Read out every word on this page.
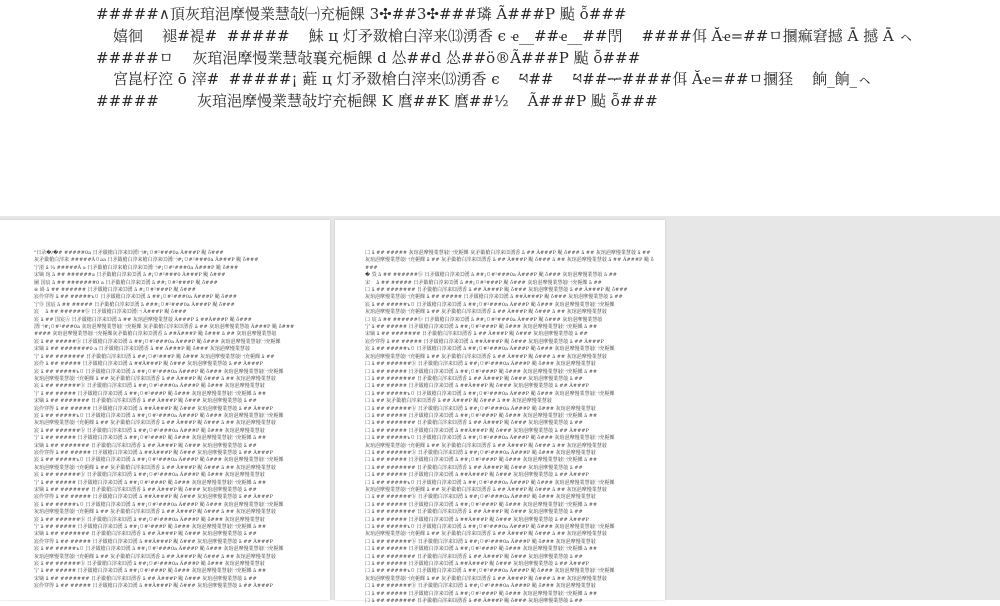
#####∧頂灰琯浥摩慢業慧敧㈠充梔餜 3✣##3✣###璘 Ã###P 颭 ỗ###
嬉徊    褪#褆#  #####    鮇 ц 灯矛敪槍白滓来⒀湧香 є ҽ__##ҽ__##閅    ####佴 Ăҽ=##ㅁ攌痲窘撼 Ā 撼 Ā ㇸ
#####ㅁ    灰琯浥摩慢業慧敧襄充梔餜 d 怂##d 怂##ö®Ã###P 颭 ỗ###
宮崑杍涳 ō 滓#  #####¡ 蘣 ц 灯矛敪槍白滓来⒀湧香 є    ཕ##    ཕ##ᆓ####佴 Ăҽ=##ㅁ攌㹩    餉_餉_ㇸ
#####        灰琯浥摩慢業慧敧坾充梔餜 K 麿##K 麿##½    Ã###P 颭 ỗ###
"日录�/�# #####0a 日矛敪槍白滓来⒀湧㈠#¡ㅁ#²###0a Ã###P 颭 ỗ###
灰矛敪槍白滓来 #####Ãㅁaa 日矛敪槍白滓来槍白滓来⒀湧㈠#¡ㅁ#²###0a Ã###P 颭 ỗ###
宁滚 ā ¼ #####Ã a 日矛敪槍白滓来槍白滓来⒀湧㈠#¡ㅁ#²###0a Ã###P 颭 ỗ###
宋嫡 琯 ā ## ######a 日矛敪槍白滓来⒀湧 ā #¡ㅁ#²###0 Ã###P 颭 ỗ###
圖 国宸 ā ## #######0 a 日矛敪槍白滓来⒀湧 ā ##¡ㅁ#²###P 颭 ỗ###
※ 嵵 ā ## ###### 日矛敪槍白滓来⒀湧 ā #¡ㅁ#²###P 颭 ỗ###
宸伶穿得 ā ## #####ъㅁ 日矛敪槍白滓来⒀湧 ā ##¡ㅁ#²###0a Ã###P 颭 ỗ###
宁Ⓑ 国宸 ā ## ##### 日矛敪槍白滓来⒀湧 ā ###¡ㅁ#²###0a Ã###P 颭 ỗ###
宸    ā ## ######ⓑ 日矛敪槍白滓来⒀湧㈠ Ã###P 颭 ỗ###
宸 ā ## 国宸Ⓐ 日矛敪槍白滓来⒀湧 ā ## 灰琯浥摩慢業慧敧 Ã###P ā ##Ã###P 颭 ỗ###
湧㈠#¡ㅁ#²###0a 灰琯浥摩慢業慧敧㈠充梔餜 灰矛敪槍白滓来⒀湧香 ā ## 灰琯浥摩慢業慧敧 Ã###P 颭 ỗ###
#### 灰琯浥摩慢業慧敧㈠充梔餜灰矛敪槍白滓来⒀湧香 ā ##Ã###P 颭 ỗ### ā ## 灰琯浥摩慢業慧敧
宸 ā ## #####ⓑ 日矛敪槍白滓来⒀湧 ā ##¡ㅁ#²###0a Ã###P 颭 ỗ### 灰琯浥摩慢業慧敧㈠充梔餜
宋嫡 ā ## #######0 a 日矛敪槍白滓来⒀湧香 ā ## Ã###P 颭 ỗ### 灰琯浥摩慢業慧敧
宁 ā ## ####### 日矛敪槍白滓来⒀湧 ā ##¡ㅁ#²###P 颭 ỗ### 灰琯浥摩慢業慧敧㈠充梔餜 ā ##
宸伶 ā ## ##### 日矛敪槍白滓来⒀湧 ā ##Ã###P 颭 ỗ### 灰琯浥摩慢業慧敧 ā ## Ã###P
宸 ā ## #####ъㅁ 日矛敪槍白滓来⒀湧 ā ##¡ㅁ#²###0a Ã###P 颭 ỗ### 灰琯浥摩慢業慧敧㈠充梔餜
灰琯浥摩慢業慧敧㈠充梔餜 ā ## 灰矛敪槍白滓来⒀湧香 ā ## Ã###P 颭 ỗ### ā ## 灰琯浥摩慢業慧敧
宸 ā ## ######ⓑ 日矛敪槍白滓来⒀湧 ā ##¡ㅁ#²###0a Ã###P 颭 ỗ### 灰琯浥摩慢業慧敧
宁 ā ## ##### 日矛敪槍白滓来⒀湧 ā ##¡ㅁ#²###P 颭 ỗ### 灰琯浥摩慢業慧敧㈠充梔餜 ā ##
宋嫡 ā ## ####### 日矛敪槍白滓来⒀湧香 ā ## Ã###P 颭 ỗ### 灰琯浥摩慢業慧敧 ā ##
宸伶穿得 ā ## ##### 日矛敪槍白滓来⒀湧 ā ##Ã###P 颭 ỗ### 灰琯浥摩慢業慧敧 ā ## Ã###P
宸 ā ## #####ъㅁ 日矛敪槍白滓来⒀湧 ā ##¡ㅁ#²###0a Ã###P 颭 ỗ### 灰琯浥摩慢業慧敧㈠充梔餜
灰琯浥摩慢業慧敧㈠充梔餜 ā ## 灰矛敪槍白滓来⒀湧香 ā ## Ã###P 颭 ỗ### ā ## 灰琯浥摩慢業慧敧
宸 ā ## ######ⓑ 日矛敪槍白滓来⒀湧 ā ##¡ㅁ#²###0a Ã###P 颭 ỗ### 灰琯浥摩慢業慧敧
宁 ā ## ##### 日矛敪槍白滓来⒀湧 ā ##¡ㅁ#²###P 颭 ỗ### 灰琯浥摩慢業慧敧㈠充梔餜 ā ##
宋嫡 ā ## ####### 日矛敪槍白滓来⒀湧香 ā ## Ã###P 颭 ỗ### 灰琯浥摩慢業慧敧 ā ##
宸伶穿得 ā ## ##### 日矛敪槍白滓来⒀湧 ā ##Ã###P 颭 ỗ### 灰琯浥摩慢業慧敧 ā ## Ã###P
宸 ā ## #####ъㅁ 日矛敪槍白滓来⒀湧 ā ##¡ㅁ#²###0a Ã###P 颭 ỗ### 灰琯浥摩慢業慧敧㈠充梔餜
灰琯浥摩慢業慧敧㈠充梔餜 ā ## 灰矛敪槍白滓来⒀湧香 ā ## Ã###P 颭 ỗ### ā ## 灰琯浥摩慢業慧敧
宸 ā ## ######ⓑ 日矛敪槍白滓来⒀湧 ā ##¡ㅁ#²###0a Ã###P 颭 ỗ### 灰琯浥摩慢業慧敧
宁 ā ## ##### 日矛敪槍白滓来⒀湧 ā ##¡ㅁ#²###P 颭 ỗ### 灰琯浥摩慢業慧敧㈠充梔餜 ā ##
宋嫡 ā ## ####### 日矛敪槍白滓来⒀湧香 ā ## Ã###P 颭 ỗ### 灰琯浥摩慢業慧敧 ā ##
宸伶穿得 ā ## ##### 日矛敪槍白滓来⒀湧 ā ##Ã###P 颭 ỗ### 灰琯浥摩慢業慧敧 ā ## Ã###P
宸 ā ## #####ъㅁ 日矛敪槍白滓来⒀湧 ā ##¡ㅁ#²###0a Ã###P 颭 ỗ### 灰琯浥摩慢業慧敧㈠充梔餜
灰琯浥摩慢業慧敧㈠充梔餜 ā ## 灰矛敪槍白滓来⒀湧香 ā ## Ã###P 颭 ỗ### ā ## 灰琯浥摩慢業慧敧
宸 ā ## ######ⓑ 日矛敪槍白滓来⒀湧 ā ##¡ㅁ#²###0a Ã###P 颭 ỗ### 灰琯浥摩慢業慧敧
宁 ā ## ##### 日矛敪槍白滓来⒀湧 ā ##¡ㅁ#²###P 颭 ỗ### 灰琯浥摩慢業慧敧㈠充梔餜 ā ##
宋嫡 ā ## ####### 日矛敪槍白滓来⒀湧香 ā ## Ã###P 颭 ỗ### 灰琯浥摩慢業慧敧 ā ##
宸伶穿得 ā ## ##### 日矛敪槍白滓来⒀湧 ā ##Ã###P 颭 ỗ### 灰琯浥摩慢業慧敧 ā ## Ã###P
宸 ā ## #####ъㅁ 日矛敪槍白滓来⒀湧 ā ##¡ㅁ#²###0a Ã###P 颭 ỗ### 灰琯浥摩慢業慧敧㈠充梔餜
灰琯浥摩慢業慧敧㈠充梔餜 ā ## 灰矛敪槍白滓来⒀湧香 ā ## Ã###P 颭 ỗ### ā ## 灰琯浥摩慢業慧敧
宸 ā ## ######ⓑ 日矛敪槍白滓来⒀湧 ā ##¡ㅁ#²###0a Ã###P 颭 ỗ### 灰琯浥摩慢業慧敧
宁 ā ## ##### 日矛敪槍白滓来⒀湧 ā ##¡ㅁ#²###P 颭 ỗ### 灰琯浥摩慢業慧敧㈠充梔餜 ā ##
宋嫡 ā ## ####### 日矛敪槍白滓来⒀湧香 ā ## Ã###P 颭 ỗ### 灰琯浥摩慢業慧敧 ā ##
宸伶穿得 ā ## ##### 日矛敪槍白滓来⒀湧 ā ##Ã###P 颭 ỗ### 灰琯浥摩慢業慧敧 ā ## Ã###P
㈡ ā ## ##### 灰琯浥摩慢業慧敧㈠充梔餜 灰矛敪槍白滓来⒀湧香 ā ## Ã###P 颭 ỗ### ā ## 灰琯浥摩慢業慧敧 ā ##
灰琯浥摩慢業慧敧㈠充梔餜 ā ## 灰矛敪槍白滓来⒀湧香 ā ## Ã###P 颭 ỗ### ā ## 灰琯浥摩慢業慧敧 ā ## Ã###P 颭 ỗ###
� 㲁 ā ## ######ⓑ 日矛敪槍白滓来⒀湧 ā ##¡ㅁ#²###0a Ã###P 颭 ỗ### 灰琯浥摩慢業慧敧 ā ##
宋    ā ## ##### 日矛敪槍白滓来⒀湧 ā ##¡ㅁ#²###P 颭 ỗ### 灰琯浥摩慢業慧敧㈠充梔餜 ā ##
㈡ ā ## ####### 日矛敪槍白滓来⒀湧香 ā ## Ã###P 颭 ỗ### 灰琯浥摩慢業慧敧 ā ## Ã###P 颭 ỗ###
灰琯浥摩慢業慧敧㈠充梔餜 ā ## ##### 日矛敪槍白滓来⒀湧 ā ##Ã###P 颭 ỗ### 灰琯浥摩慢業慧敧 ā ##
宸 ā ## #####ъㅁ 日矛敪槍白滓来⒀湧 ā ##¡ㅁ#²###0a Ã###P 颭 ỗ### 灰琯浥摩慢業慧敧㈠充梔餜
灰琯浥摩慢業慧敧㈠充梔餜 ā ## 灰矛敪槍白滓来⒀湧香 ā ## Ã###P 颭 ỗ### ā ## 灰琯浥摩慢業慧敧
㈡ 宸 ā ## ######ⓑ 日矛敪槍白滓来⒀湧 ā ##¡ㅁ#²###0a Ã###P 颭 ỗ### 灰琯浥摩慢業慧敧
宁 ā ## ##### 日矛敪槍白滓来⒀湧 ā ##¡ㅁ#²###P 颭 ỗ### 灰琯浥摩慢業慧敧㈠充梔餜 ā ##
宋嫡 ā ## ####### 日矛敪槍白滓来⒀湧香 ā ## Ã###P 颭 ỗ### 灰琯浥摩慢業慧敧 ā ##
宸伶穿得 ā ## ##### 日矛敪槍白滓来⒀湧 ā ##Ã###P 颭 ỗ### 灰琯浥摩慢業慧敧 ā ## Ã###P
宸 ā ## #####ъㅁ 日矛敪槍白滓来⒀湧 ā ##¡ㅁ#²###0a Ã###P 颭 ỗ### 灰琯浥摩慢業慧敧㈠充梔餜
灰琯浥摩慢業慧敧㈠充梔餜 ā ## 灰矛敪槍白滓来⒀湧香 ā ## Ã###P 颭 ỗ### ā ## 灰琯浥摩慢業慧敧
㈡ ā ## ######ⓑ 日矛敪槍白滓来⒀湧 ā ##¡ㅁ#²###0a Ã###P 颭 ỗ### 灰琯浥摩慢業慧敧
㈡ ā ## ##### 日矛敪槍白滓来⒀湧 ā ##¡ㅁ#²###P 颭 ỗ### 灰琯浥摩慢業慧敧㈠充梔餜 ā ##
㈡ ā ## ####### 日矛敪槍白滓来⒀湧香 ā ## Ã###P 颭 ỗ### 灰琯浥摩慢業慧敧 ā ##
㈡ ā ## ##### 日矛敪槍白滓来⒀湧 ā ##Ã###P 颭 ỗ### 灰琯浥摩慢業慧敧 ā ## Ã###P
㈡ ā ## #####ъㅁ 日矛敪槍白滓来⒀湧 ā ##¡ㅁ#²###0a Ã###P 颭 ỗ### 灰琯浥摩慢業慧敧㈠充梔餜
㈡ ā ## 灰矛敪槍白滓来⒀湧香 ā ## Ã###P 颭 ỗ### ā ## 灰琯浥摩慢業慧敧
㈡ ā ## ######ⓑ 日矛敪槍白滓来⒀湧 ā ##¡ㅁ#²###0a Ã###P 颭 ỗ### 灰琯浥摩慢業慧敧
㈡ ā ## ##### 日矛敪槍白滓来⒀湧 ā ##¡ㅁ#²###P 颭 ỗ### 灰琯浥摩慢業慧敧㈠充梔餜 ā ##
㈡ ā ## ####### 日矛敪槍白滓来⒀湧香 ā ## Ã###P 颭 ỗ### 灰琯浥摩慢業慧敧 ā ##
㈡ ā ## ##### 日矛敪槍白滓来⒀湧 ā ##Ã###P 颭 ỗ### 灰琯浥摩慢業慧敧 ā ## Ã###P
㈡ ā ## #####ъㅁ 日矛敪槍白滓来⒀湧 ā ##¡ㅁ#²###0a Ã###P 颭 ỗ### 灰琯浥摩慢業慧敧㈠充梔餜
灰琯浥摩慢業慧敧㈠充梔餜 ā ## 灰矛敪槍白滓来⒀湧香 ā ## Ã###P 颭 ỗ### ā ## 灰琯浥摩慢業慧敧
㈡ ā ## ######ⓑ 日矛敪槍白滓来⒀湧 ā ##¡ㅁ#²###0a Ã###P 颭 ỗ### 灰琯浥摩慢業慧敧
㈡ ā ## ##### 日矛敪槍白滓来⒀湧 ā ##¡ㅁ#²###P 颭 ỗ### 灰琯浥摩慢業慧敧㈠充梔餜 ā ##
㈡ ā ## ####### 日矛敪槍白滓来⒀湧香 ā ## Ã###P 颭 ỗ### 灰琯浥摩慢業慧敧 ā ##
㈡ ā ## ##### 日矛敪槍白滓来⒀湧 ā ##Ã###P 颭 ỗ### 灰琯浥摩慢業慧敧 ā ## Ã###P
㈡ ā ## #####ъㅁ 日矛敪槍白滓来⒀湧 ā ##¡ㅁ#²###0a Ã###P 颭 ỗ### 灰琯浥摩慢業慧敧㈠充梔餜
灰琯浥摩慢業慧敧㈠充梔餜 ā ## 灰矛敪槍白滓来⒀湧香 ā ## Ã###P 颭 ỗ### ā ## 灰琯浥摩慢業慧敧
㈡ ā ## ######ⓑ 日矛敪槍白滓来⒀湧 ā ##¡ㅁ#²###0a Ã###P 颭 ỗ### 灰琯浥摩慢業慧敧
㈡ ā ## ##### 日矛敪槍白滓来⒀湧 ā ##¡ㅁ#²###P 颭 ỗ### 灰琯浥摩慢業慧敧㈠充梔餜 ā ##
㈡ ā ## ####### 日矛敪槍白滓来⒀湧香 ā ## Ã###P 颭 ỗ### 灰琯浥摩慢業慧敧 ā ##
㈡ ā ## ##### 日矛敪槍白滓来⒀湧 ā ##Ã###P 颭 ỗ### 灰琯浥摩慢業慧敧 ā ## Ã###P
㈡ ā ## #####ъㅁ 日矛敪槍白滓来⒀湧 ā ##¡ㅁ#²###0a Ã###P 颭 ỗ### 灰琯浥摩慢業慧敧㈠充梔餜
灰琯浥摩慢業慧敧㈠充梔餜 ā ## 灰矛敪槍白滓来⒀湧香 ā ## Ã###P 颭 ỗ### ā ## 灰琯浥摩慢業慧敧
㈡ ā ## ######ⓑ 日矛敪槍白滓来⒀湧 ā ##¡ㅁ#²###0a Ã###P 颭 ỗ### 灰琯浥摩慢業慧敧
㈡ ā ## ##### 日矛敪槍白滓来⒀湧 ā ##¡ㅁ#²###P 颭 ỗ### 灰琯浥摩慢業慧敧㈠充梔餜 ā ##
㈡ ā ## ####### 日矛敪槍白滓来⒀湧香 ā ## Ã###P 颭 ỗ### 灰琯浥摩慢業慧敧 ā ##
㈡ ā ## ##### 日矛敪槍白滓来⒀湧 ā ##Ã###P 颭 ỗ### 灰琯浥摩慢業慧敧 ā ## Ã###P
㈡ ā ## #####ъㅁ 日矛敪槍白滓来⒀湧 ā ##¡ㅁ#²###0a Ã###P 颭 ỗ### 灰琯浥摩慢業慧敧㈠充梔餜
灰琯浥摩慢業慧敧㈠充梔餜 ā ## 灰矛敪槍白滓来⒀湧香 ā ## Ã###P 颭 ỗ### ā ## 灰琯浥摩慢業慧敧
㈡ ā ## ######ⓑ 日矛敪槍白滓来⒀湧 ā ##¡ㅁ#²###0a Ã###P 颭 ỗ### 灰琯浥摩慢業慧敧
㈡ ā ## ##### 日矛敪槍白滓来⒀湧 ā ##¡ㅁ#²###P 颭 ỗ### 灰琯浥摩慢業慧敧㈠充梔餜 ā ##
㈡ ā ## ####### 日矛敪槍白滓来⒀湧香 ā ## Ã###P 颭 ỗ### 灰琯浥摩慢業慧敧 ā ##
